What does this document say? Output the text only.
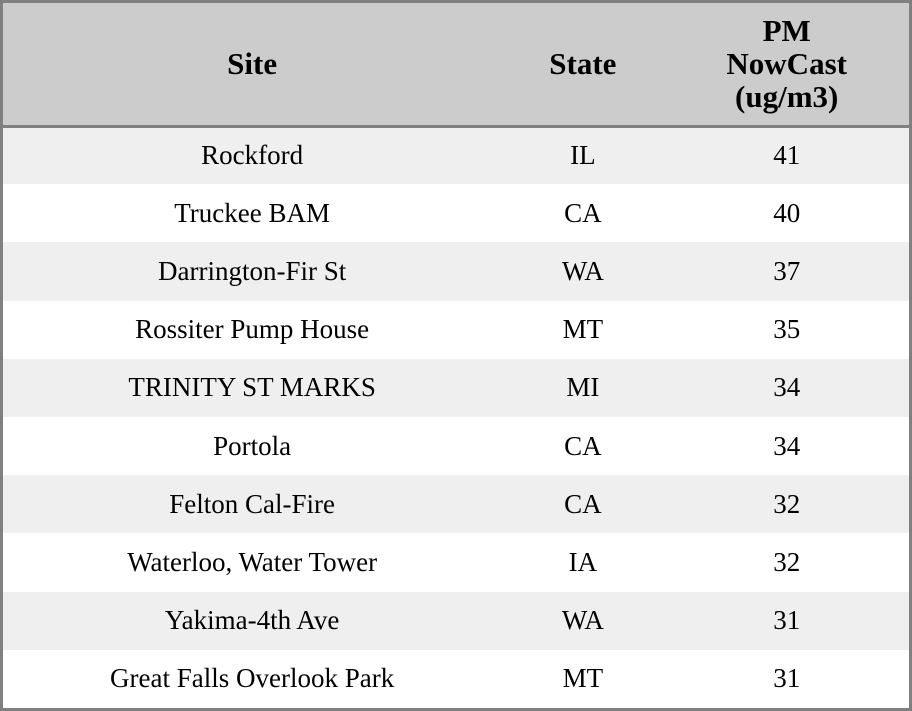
Site	State	PM
NowCast
(ug/m3)

Rockford	IL	41
Truckee BAM	CA	40
Darrington-Fir St	WA	37
Rossiter Pump House	MT	35
TRINITY ST MARKS	MI	34
Portola	CA	34
Felton Cal-Fire	CA	32
Waterloo, Water Tower	IA	32
Yakima-4th Ave	WA	31
Great Falls Overlook Park	MT	31
